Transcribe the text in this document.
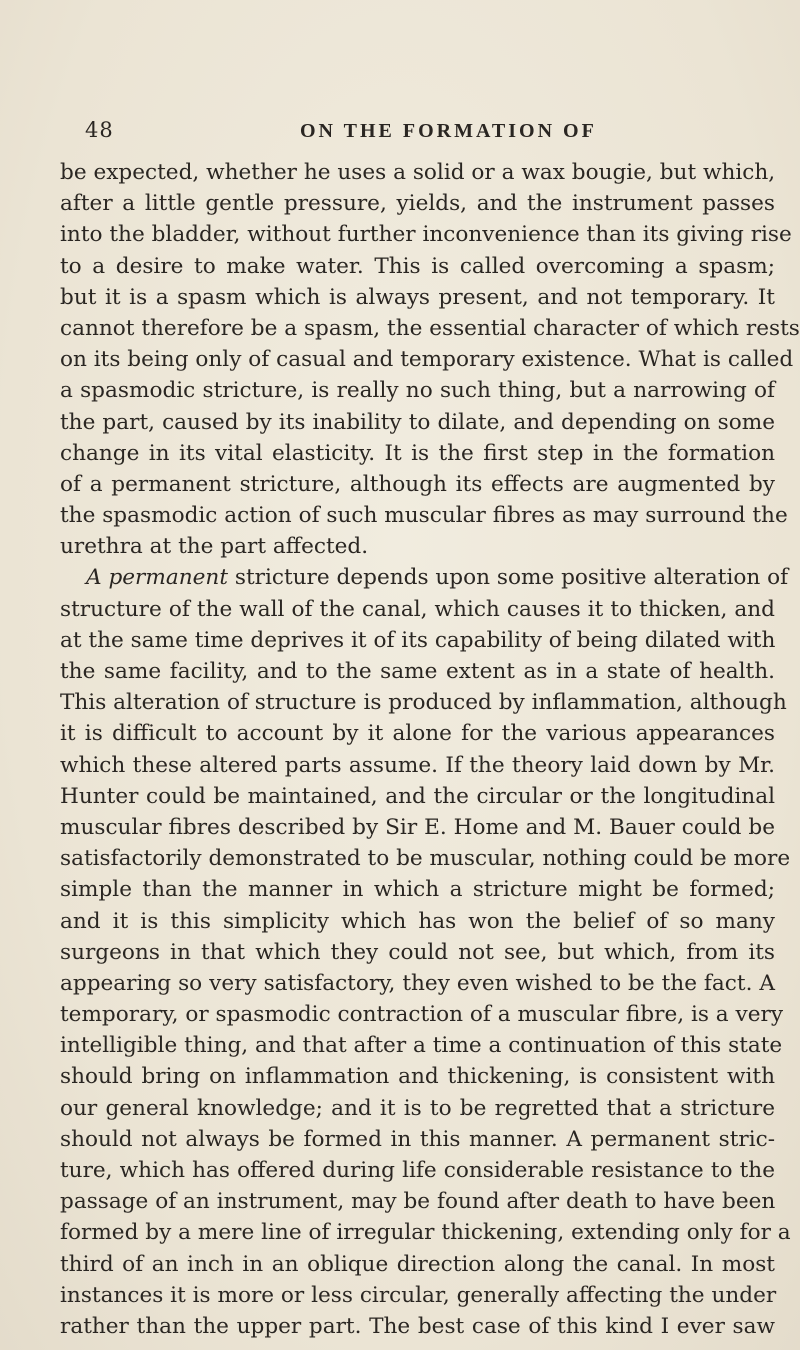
48	ON THE FORMATION OF
be expected, whether he uses a solid or a wax bougie, but which,
after a little gentle pressure, yields, and the instrument passes
into the bladder, without further inconvenience than its giving rise
to a desire to make water. This is called overcoming a spasm;
but it is a spasm which is always present, and not temporary. It
cannot therefore be a spasm, the essential character of which rests
on its being only of casual and temporary existence. What is called
a spasmodic stricture, is really no such thing, but a narrowing of
the part, caused by its inability to dilate, and depending on some
change in its vital elasticity. It is the first step in the formation
of a permanent stricture, although its effects are augmented by
the spasmodic action of such muscular fibres as may surround the
urethra at the part affected.
A permanent stricture depends upon some positive alteration of
structure of the wall of the canal, which causes it to thicken, and
at the same time deprives it of its capability of being dilated with
the same facility, and to the same extent as in a state of health.
This alteration of structure is produced by inflammation, although
it is difficult to account by it alone for the various appearances
which these altered parts assume. If the theory laid down by Mr.
Hunter could be maintained, and the circular or the longitudinal
muscular fibres described by Sir E. Home and M. Bauer could be
satisfactorily demonstrated to be muscular, nothing could be more
simple than the manner in which a stricture might be formed;
and it is this simplicity which has won the belief of so many
surgeons in that which they could not see, but which, from its
appearing so very satisfactory, they even wished to be the fact. A
temporary, or spasmodic contraction of a muscular fibre, is a very
intelligible thing, and that after a time a continuation of this state
should bring on inflammation and thickening, is consistent with
our general knowledge; and it is to be regretted that a stricture
should not always be formed in this manner. A permanent stric-
ture, which has offered during life considerable resistance to the
passage of an instrument, may be found after death to have been
formed by a mere line of irregular thickening, extending only for a
third of an inch in an oblique direction along the canal. In most
instances it is more or less circular, generally affecting the under
rather than the upper part. The best case of this kind I ever saw
